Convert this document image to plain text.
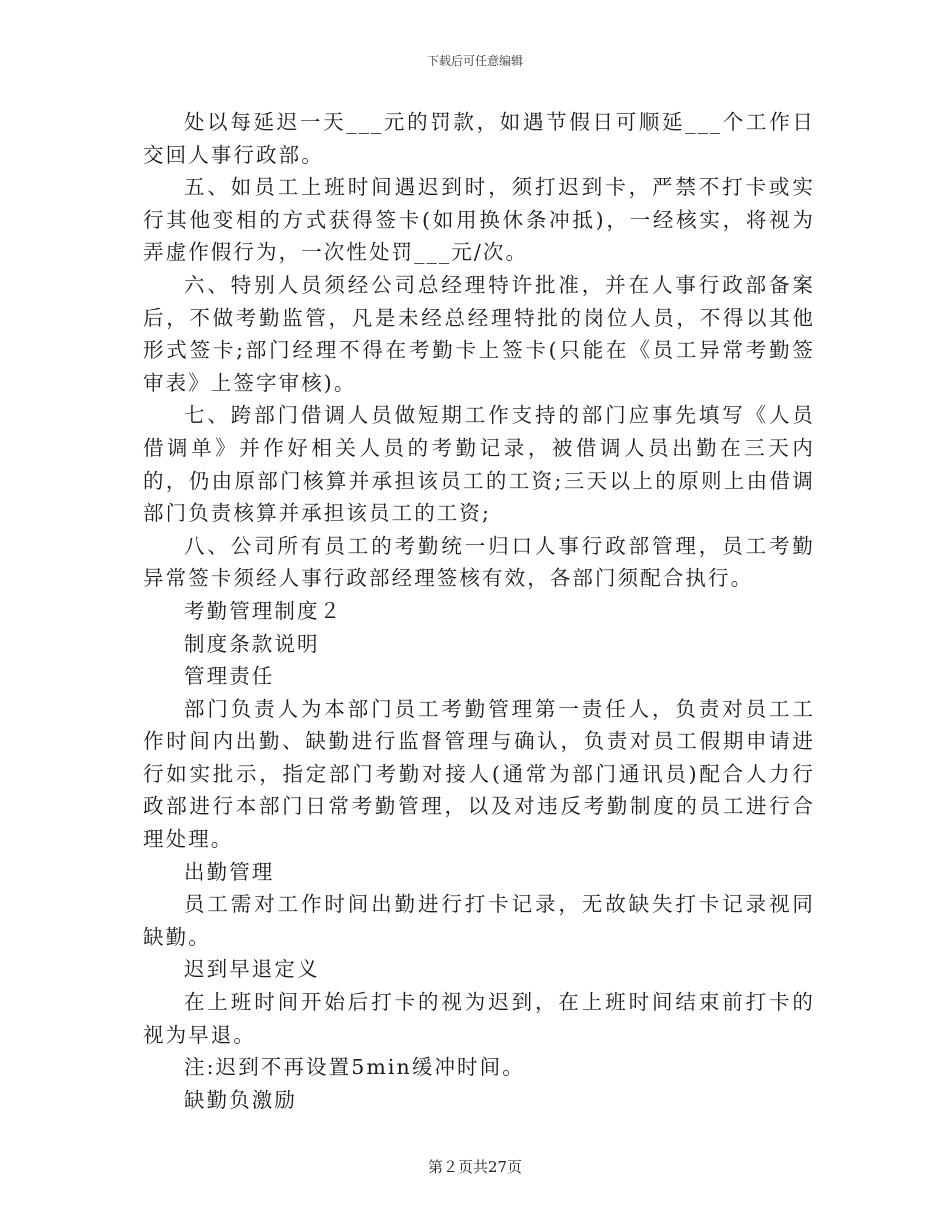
下载后可任意编辑

处以每延迟一天___元的罚款，如遇节假日可顺延___个工作日交回人事行政部。

五、如员工上班时间遇迟到时，须打迟到卡，严禁不打卡或实行其他变相的方式获得签卡(如用换休条冲抵)，一经核实，将视为弄虚作假行为，一次性处罚___元/次。

六、特别人员须经公司总经理特许批准，并在人事行政部备案后，不做考勤监管，凡是未经总经理特批的岗位人员，不得以其他形式签卡;部门经理不得在考勤卡上签卡(只能在《员工异常考勤签审表》上签字审核)。

七、跨部门借调人员做短期工作支持的部门应事先填写《人员借调单》并作好相关人员的考勤记录，被借调人员出勤在三天内的，仍由原部门核算并承担该员工的工资;三天以上的原则上由借调部门负责核算并承担该员工的工资;

八、公司所有员工的考勤统一归口人事行政部管理，员工考勤异常签卡须经人事行政部经理签核有效，各部门须配合执行。

考勤管理制度２

制度条款说明

管理责任

部门负责人为本部门员工考勤管理第一责任人，负责对员工工作时间内出勤、缺勤进行监督管理与确认，负责对员工假期申请进行如实批示，指定部门考勤对接人(通常为部门通讯员)配合人力行政部进行本部门日常考勤管理，以及对违反考勤制度的员工进行合理处理。

出勤管理

员工需对工作时间出勤进行打卡记录，无故缺失打卡记录视同缺勤。

迟到早退定义

在上班时间开始后打卡的视为迟到，在上班时间结束前打卡的视为早退。

注:迟到不再设置5min缓冲时间。

缺勤负激励

第２页共27页
